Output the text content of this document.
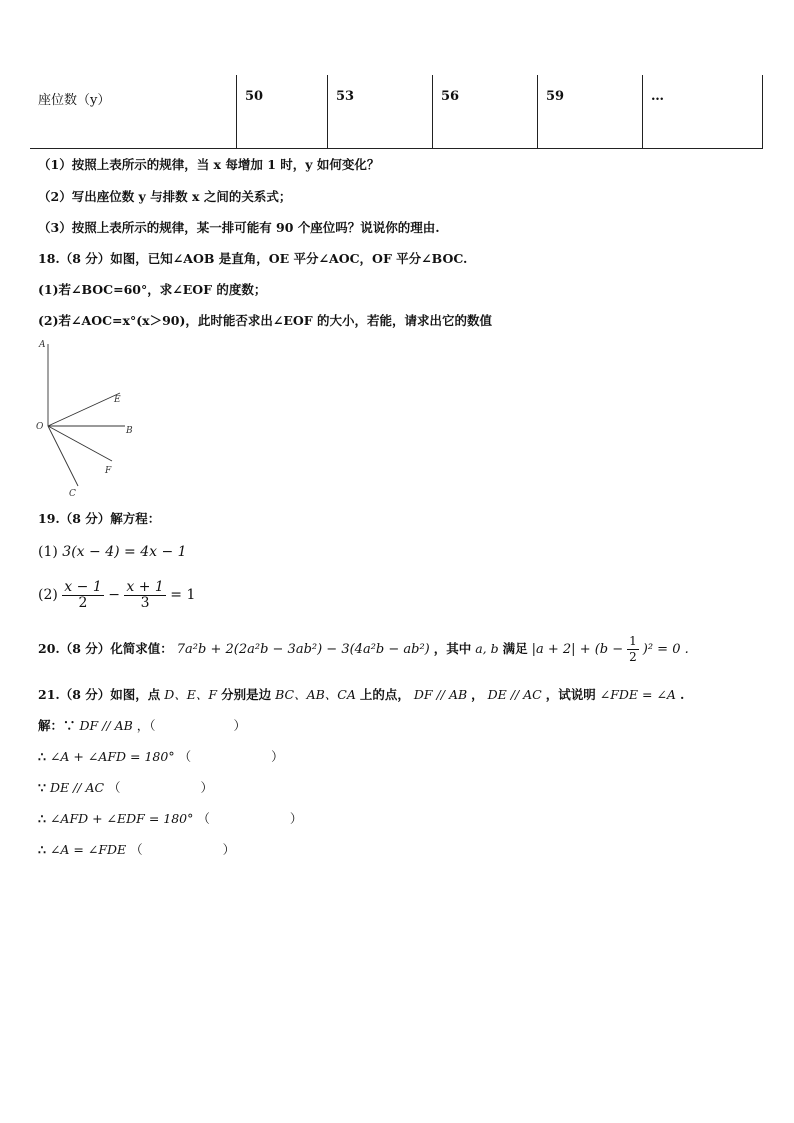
座位数（y）	50	53	56	59	…
（1）按照上表所示的规律，当 x 每增加 1 时，y 如何变化？
（2）写出座位数 y 与排数 x 之间的关系式；
（3）按照上表所示的规律，某一排可能有 90 个座位吗？说说你的理由.
18.（8 分）如图，已知∠AOB 是直角，OE 平分∠AOC，OF 平分∠BOC.
(1)若∠BOC=60°，求∠EOF 的度数；
(2)若∠AOC=x°(x＞90)，此时能否求出∠EOF 的大小，若能，请求出它的数值
A
O
E
B
F
C
19.（8 分）解方程：
(1) 3(x − 4) = 4x − 1
$(2) \frac{x - 1}{2} - \frac{x + 1}{3} = 1$
20.（8 分）化简求值： 7a²b + 2(2a²b − 3ab²) − 3(4a²b − ab²) ，其中 a, b 满足 $|a + 2| + (b - \frac{1}{2} )^2 = 0$ .
21.（8 分）如图，点 D、E、F 分别是边 BC、AB、CA 上的点， DF // AB ， DE // AC ，试说明 ∠FDE = ∠A .
解：∵ DF // AB ，（	）
∴ ∠A + ∠AFD = 180° （	）
∵ DE // AC （	）
∴ ∠AFD + ∠EDF = 180° （	）
∴ ∠A = ∠FDE （	）
